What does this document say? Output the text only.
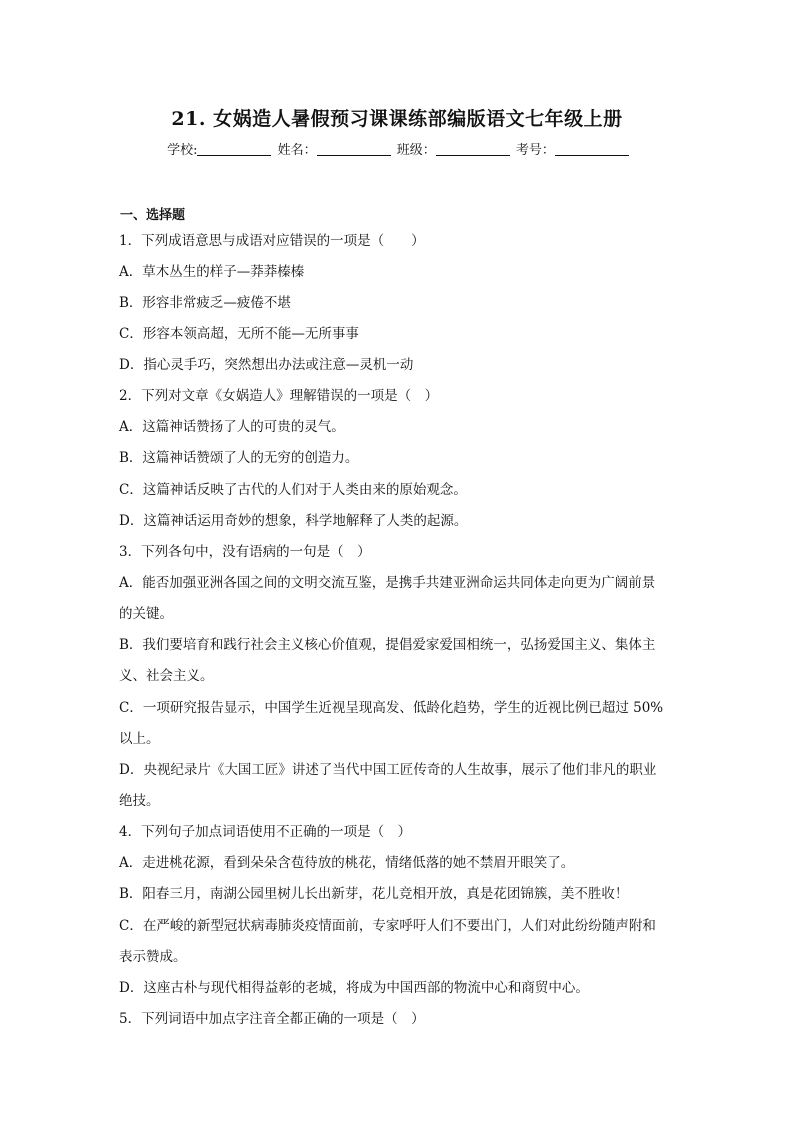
21. 女娲造人暑假预习课课练部编版语文七年级上册
学校:	姓名：	班级：	考号：
一、选择题
1．下列成语意思与成语对应错误的一项是（　　）
A．草木丛生的样子—莽莽榛榛
B．形容非常疲乏—疲倦不堪
C．形容本领高超，无所不能—无所事事
D．指心灵手巧，突然想出办法或注意—灵机一动
2．下列对文章《女娲造人》理解错误的一项是（　）
A．这篇神话赞扬了人的可贵的灵气。
B．这篇神话赞颂了人的无穷的创造力。
C．这篇神话反映了古代的人们对于人类由来的原始观念。
D．这篇神话运用奇妙的想象，科学地解释了人类的起源。
3．下列各句中，没有语病的一句是（　）
A．能否加强亚洲各国之间的文明交流互鉴，是携手共建亚洲命运共同体走向更为广阔前景
的关键。
B．我们要培育和践行社会主义核心价值观，提倡爱家爱国相统一，弘扬爱国主义、集体主
义、社会主义。
C．一项研究报告显示，中国学生近视呈现高发、低龄化趋势，学生的近视比例已超过 50%
以上。
D．央视纪录片《大国工匠》讲述了当代中国工匠传奇的人生故事，展示了他们非凡的职业
绝技。
4．下列句子加点词语使用不正确的一项是（　）
A．走进桃花源，看到朵朵含苞待放的桃花，情绪低落的她不禁眉开眼笑了。
B．阳春三月，南湖公园里树儿长出新芽，花儿竞相开放，真是花团锦簇，美不胜收！
C．在严峻的新型冠状病毒肺炎疫情面前，专家呼吁人们不要出门，人们对此纷纷随声附和
表示赞成。
D．这座古朴与现代相得益彰的老城，将成为中国西部的物流中心和商贸中心。
5．下列词语中加点字注音全都正确的一项是（　）
